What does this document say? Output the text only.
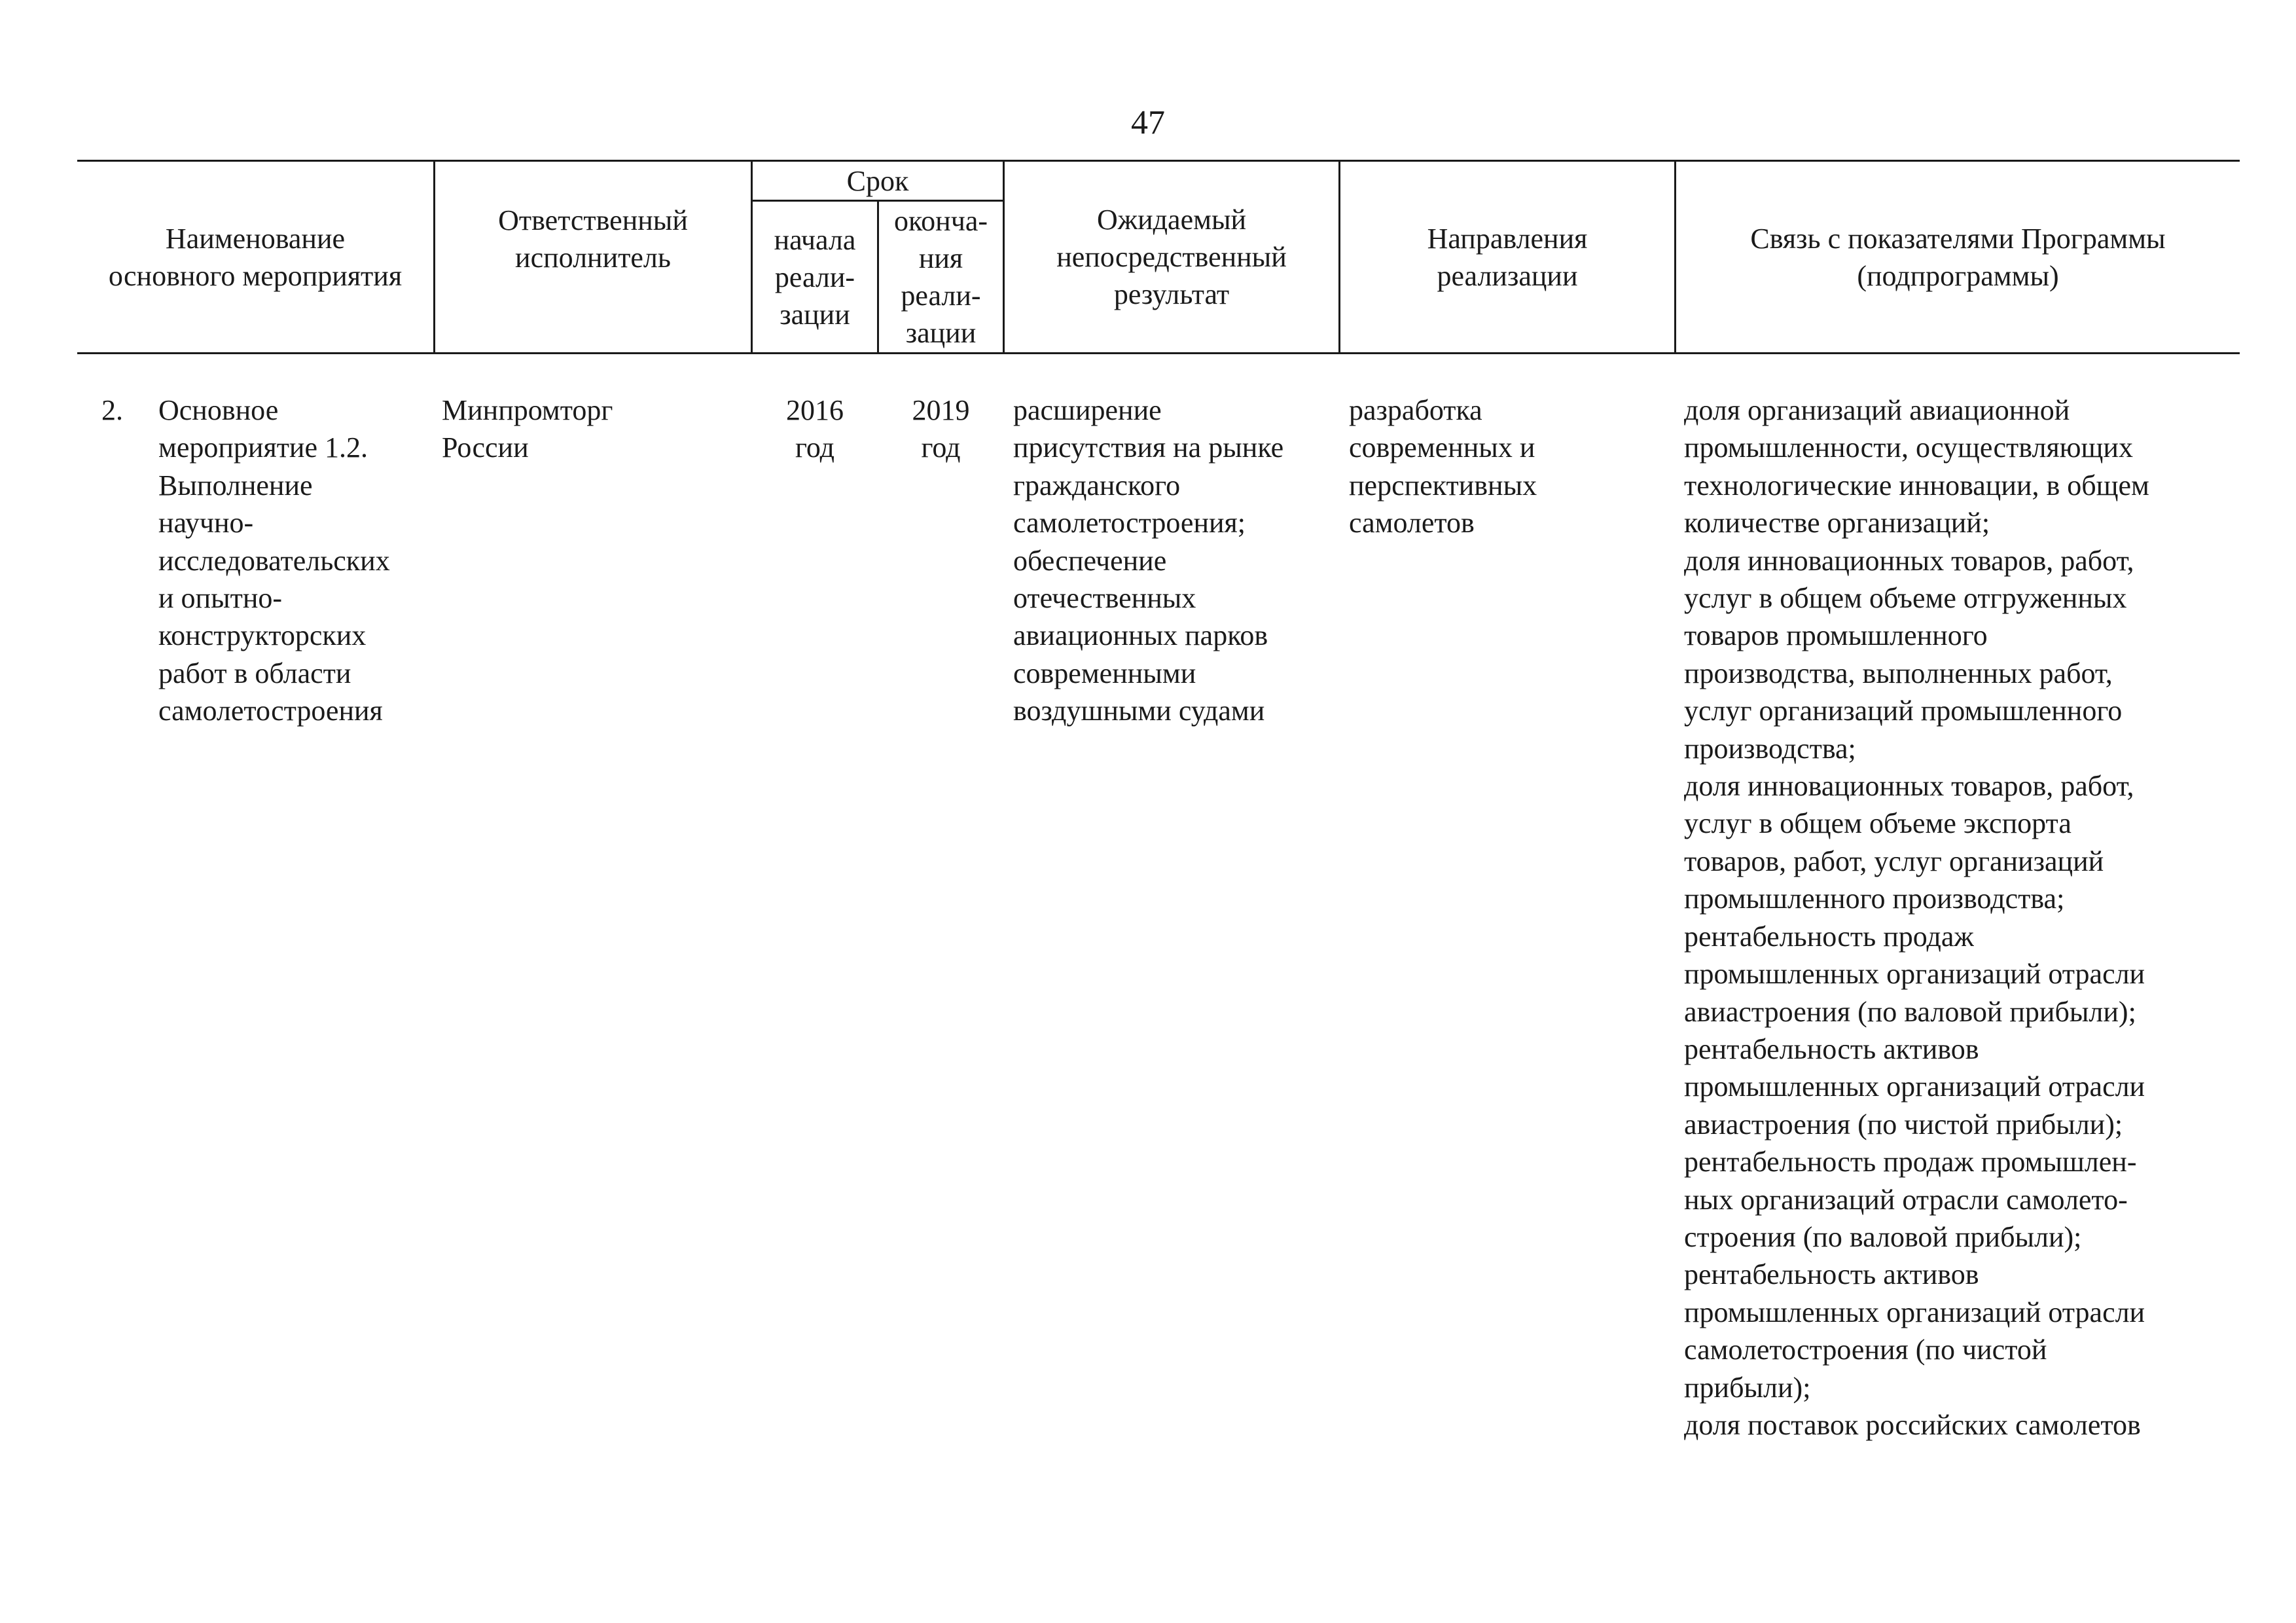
47
Наименование
основного мероприятия
Ответственный
исполнитель
Срок
начала
реали-
зации
оконча-
ния
реали-
зации
Ожидаемый
непосредственный
результат
Направления
реализации
Связь с показателями Программы
(подпрограммы)
2. Основное
мероприятие 1.2.
Выполнение
научно-
исследовательских
и опытно-
конструкторских
работ в области
самолетостроения
Минпромторг
России
2016
год
2019
год
расширение
присутствия на рынке
гражданского
самолетостроения;
обеспечение
отечественных
авиационных парков
современными
воздушными судами
разработка
современных и
перспективных
самолетов
доля организаций авиационной
промышленности, осуществляющих
технологические инновации, в общем
количестве организаций;
доля инновационных товаров, работ,
услуг в общем объеме отгруженных
товаров промышленного
производства, выполненных работ,
услуг организаций промышленного
производства;
доля инновационных товаров, работ,
услуг в общем объеме экспорта
товаров, работ, услуг организаций
промышленного производства;
рентабельность продаж
промышленных организаций отрасли
авиастроения (по валовой прибыли);
рентабельность активов
промышленных организаций отрасли
авиастроения (по чистой прибыли);
рентабельность продаж промышлен-
ных организаций отрасли самолето-
строения (по валовой прибыли);
рентабельность активов
промышленных организаций отрасли
самолетостроения (по чистой
прибыли);
доля поставок российских самолетов
